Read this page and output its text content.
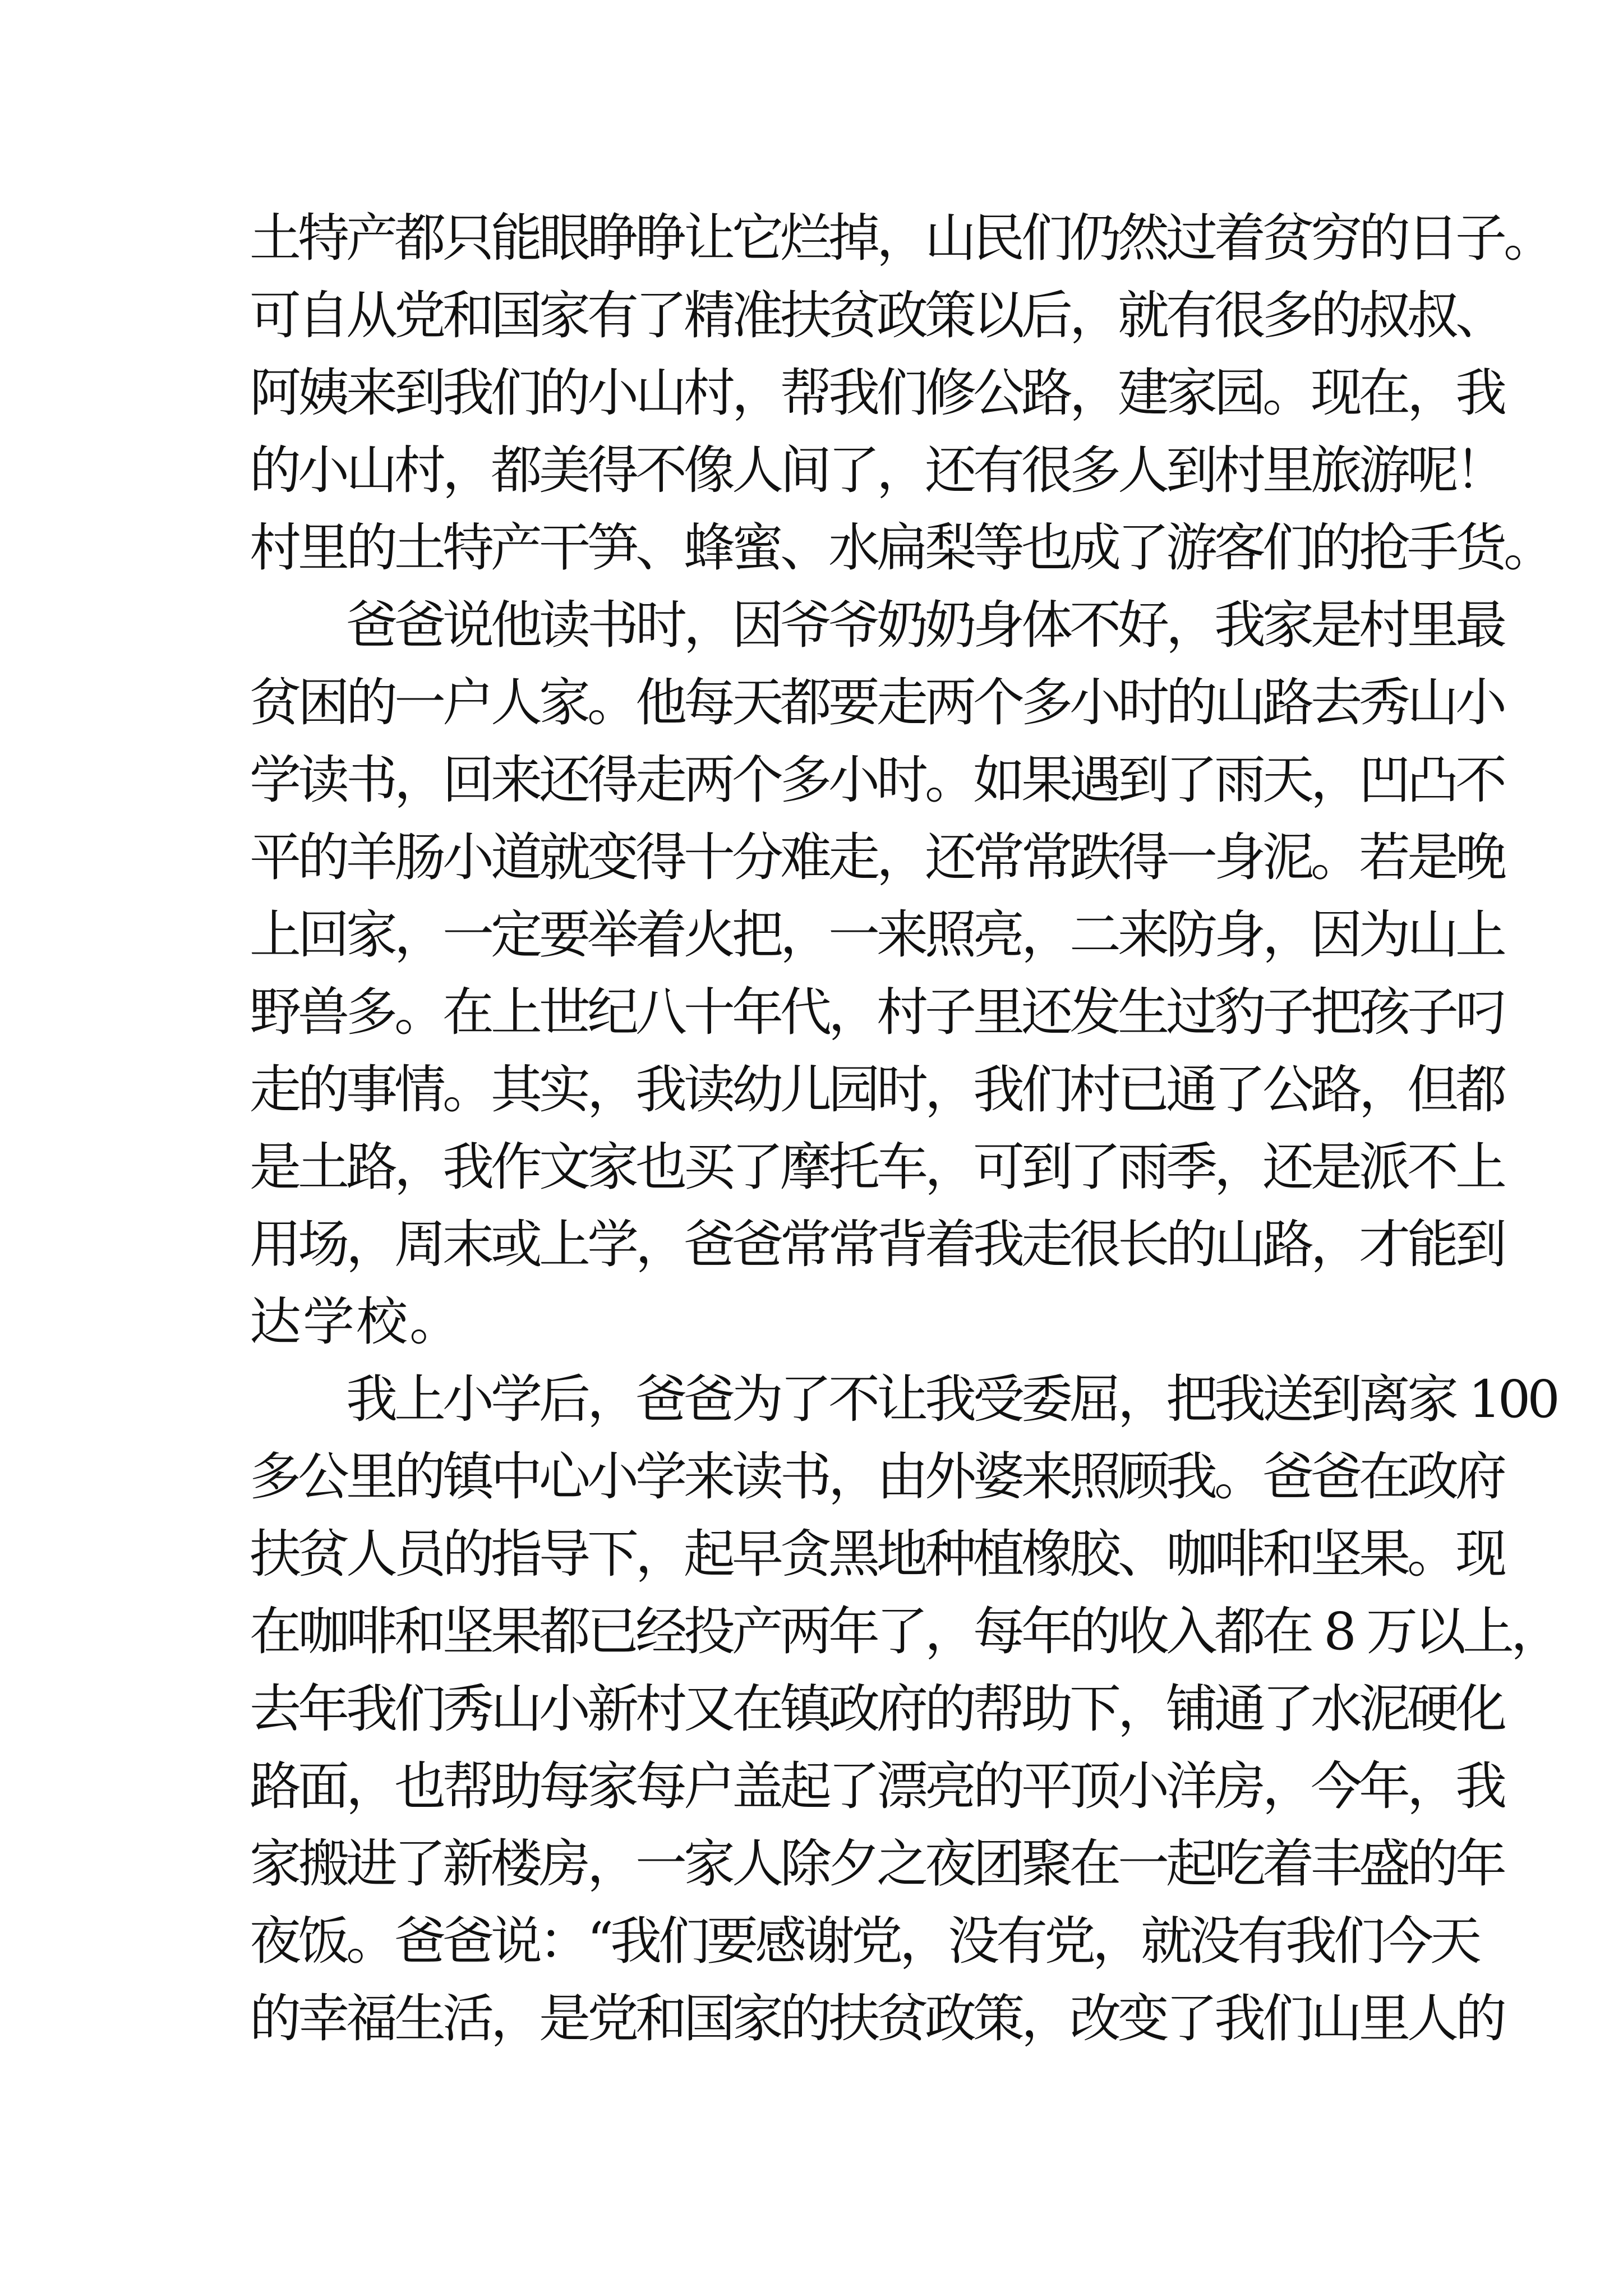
土特产都只能眼睁睁让它烂掉，山民们仍然过着贫穷的日子。
可自从党和国家有了精准扶贫政策以后，就有很多的叔叔、
阿姨来到我们的小山村，帮我们修公路，建家园。现在，我
的小山村，都美得不像人间了，还有很多人到村里旅游呢！
村里的土特产干笋、蜂蜜、水扁梨等也成了游客们的抢手货。
　　爸爸说他读书时，因爷爷奶奶身体不好，我家是村里最
贫困的一户人家。他每天都要走两个多小时的山路去秀山小
学读书，回来还得走两个多小时。如果遇到了雨天，凹凸不
平的羊肠小道就变得十分难走，还常常跌得一身泥。若是晚
上回家，一定要举着火把，一来照亮，二来防身，因为山上
野兽多。在上世纪八十年代，村子里还发生过豹子把孩子叼
走的事情。其实，我读幼儿园时，我们村已通了公路，但都
是土路，我作文家也买了摩托车，可到了雨季，还是派不上
用场，周末或上学，爸爸常常背着我走很长的山路，才能到
达学校。
　　我上小学后，爸爸为了不让我受委屈，把我送到离家 100
多公里的镇中心小学来读书，由外婆来照顾我。爸爸在政府
扶贫人员的指导下，起早贪黑地种植橡胶、咖啡和坚果。现
在咖啡和坚果都已经投产两年了，每年的收入都在 8 万以上，
去年我们秀山小新村又在镇政府的帮助下，铺通了水泥硬化
路面，也帮助每家每户盖起了漂亮的平顶小洋房，今年，我
家搬进了新楼房，一家人除夕之夜团聚在一起吃着丰盛的年
夜饭。爸爸说：“我们要感谢党，没有党，就没有我们今天
的幸福生活，是党和国家的扶贫政策，改变了我们山里人的
